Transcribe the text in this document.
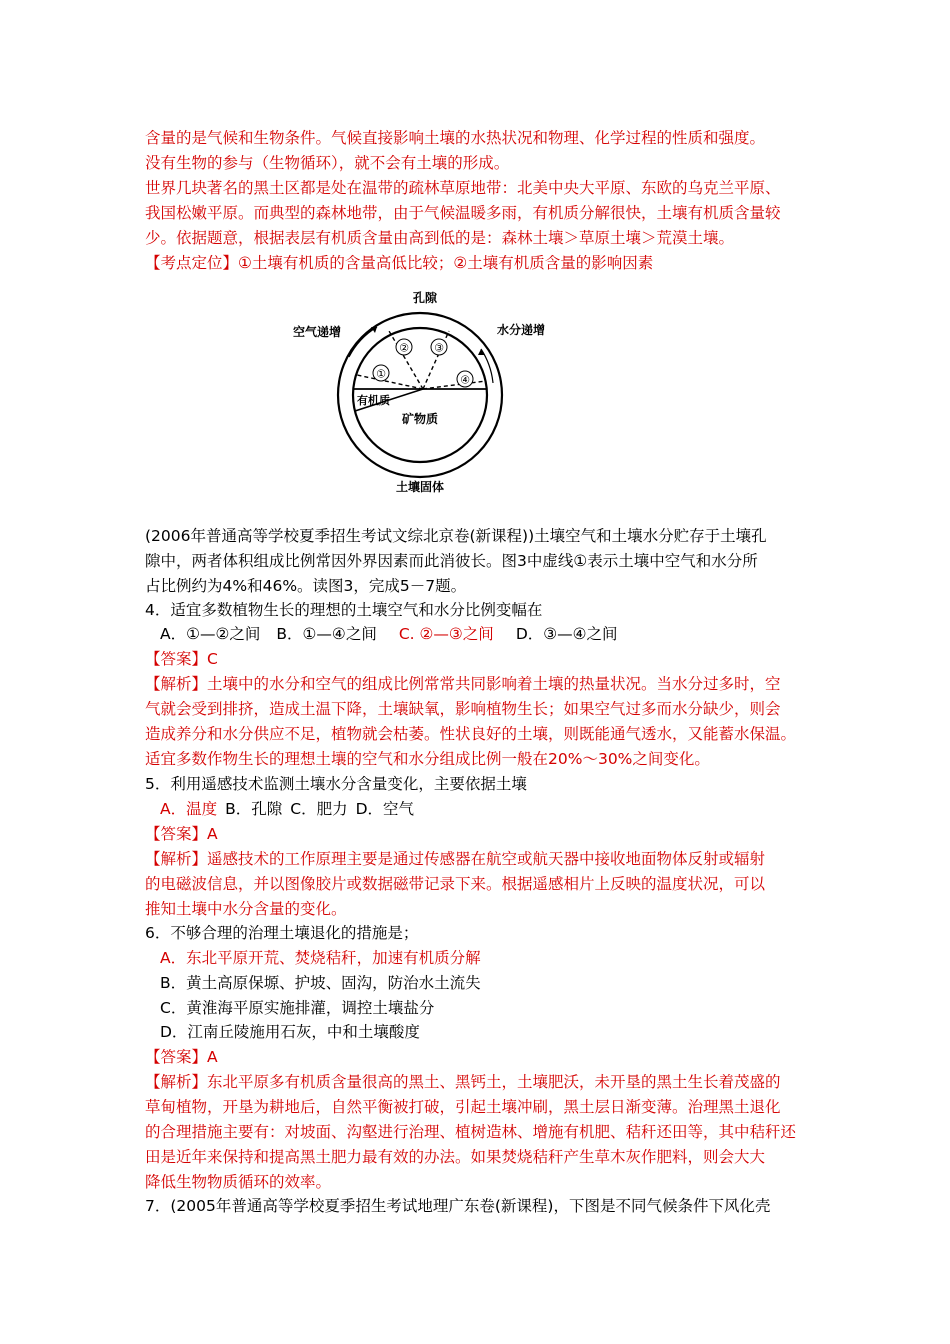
含量的是气候和生物条件。气候直接影响土壤的水热状况和物理、化学过程的性质和强度。
没有生物的参与（生物循环），就不会有土壤的形成。
世界几块著名的黑土区都是处在温带的疏林草原地带：北美中央大平原、东欧的乌克兰平原、
我国松嫩平原。而典型的森林地带，由于气候温暖多雨，有机质分解很快，土壤有机质含量较
少。依据题意，根据表层有机质含量由高到低的是：森林土壤＞草原土壤＞荒漠土壤。
【考点定位】①土壤有机质的含量高低比较；②土壤有机质含量的影响因素
①
② ③
④
孔隙
空气递增	水分递增
有机质
矿物质
土壤固体
(2006年普通高等学校夏季招生考试文综北京卷(新课程))土壤空气和土壤水分贮存于土壤孔
隙中，两者体积组成比例常因外界因素而此消彼长。图3中虚线①表示土壤中空气和水分所
占比例约为4%和46%。读图3，完成5－7题。
4．适宜多数植物生长的理想的土壤空气和水分比例变幅在
A．①—②之间 B．①—④之间 C. ②—③之间 D．③—④之间
【答案】C
【解析】土壤中的水分和空气的组成比例常常共同影响着土壤的热量状况。当水分过多时，空
气就会受到排挤，造成土温下降，土壤缺氧，影响植物生长；如果空气过多而水分缺少，则会
造成养分和水分供应不足，植物就会枯萎。性状良好的土壤，则既能通气透水，又能蓄水保温。
适宜多数作物生长的理想土壤的空气和水分组成比例一般在20%～30%之间变化。
5．利用遥感技术监测土壤水分含量变化，主要依据土壤
A．温度 B．孔隙 C．肥力 D．空气
【答案】A
【解析】遥感技术的工作原理主要是通过传感器在航空或航天器中接收地面物体反射或辐射
的电磁波信息，并以图像胶片或数据磁带记录下来。根据遥感相片上反映的温度状况，可以
推知土壤中水分含量的变化。
6．不够合理的治理土壤退化的措施是；
A．东北平原开荒、焚烧秸秆，加速有机质分解
B．黄土高原保塬、护坡、固沟，防治水土流失
C．黄淮海平原实施排灌，调控土壤盐分
D．江南丘陵施用石灰，中和土壤酸度
【答案】A
【解析】东北平原多有机质含量很高的黑土、黑钙土，土壤肥沃，未开垦的黑土生长着茂盛的
草甸植物，开垦为耕地后，自然平衡被打破，引起土壤冲刷，黑土层日渐变薄。治理黑土退化
的合理措施主要有：对坡面、沟壑进行治理、植树造林、增施有机肥、秸秆还田等，其中秸秆还
田是近年来保持和提高黑土肥力最有效的办法。如果焚烧秸秆产生草木灰作肥料，则会大大
降低生物物质循环的效率。
7．(2005年普通高等学校夏季招生考试地理广东卷(新课程)，下图是不同气候条件下风化壳
